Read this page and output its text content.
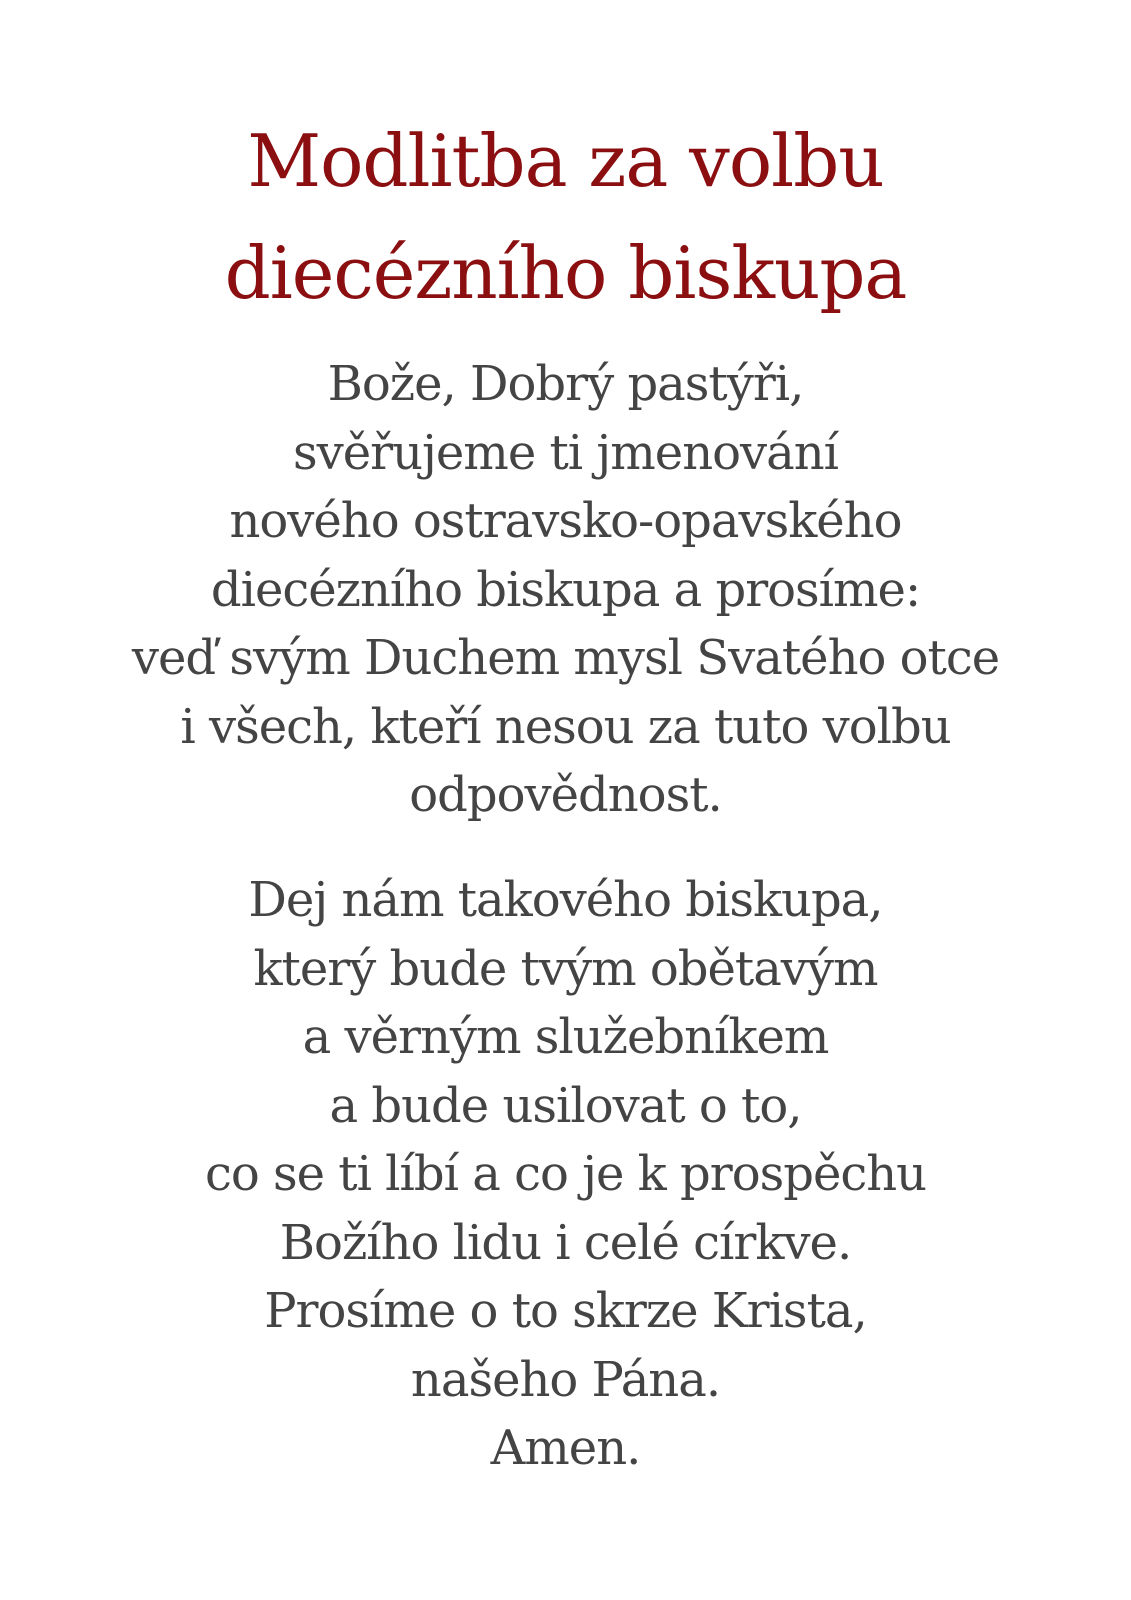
Modlitba za volbu
diecézního biskupa
Bože, Dobrý pastýři,
svěřujeme ti jmenování
nového ostravsko-opavského
diecézního biskupa a prosíme:
veď svým Duchem mysl Svatého otce
i všech, kteří nesou za tuto volbu
odpovědnost.
Dej nám takového biskupa,
který bude tvým obětavým
a věrným služebníkem
a bude usilovat o to,
co se ti líbí a co je k prospěchu
Božího lidu i celé církve.
Prosíme o to skrze Krista,
našeho Pána.
Amen.
